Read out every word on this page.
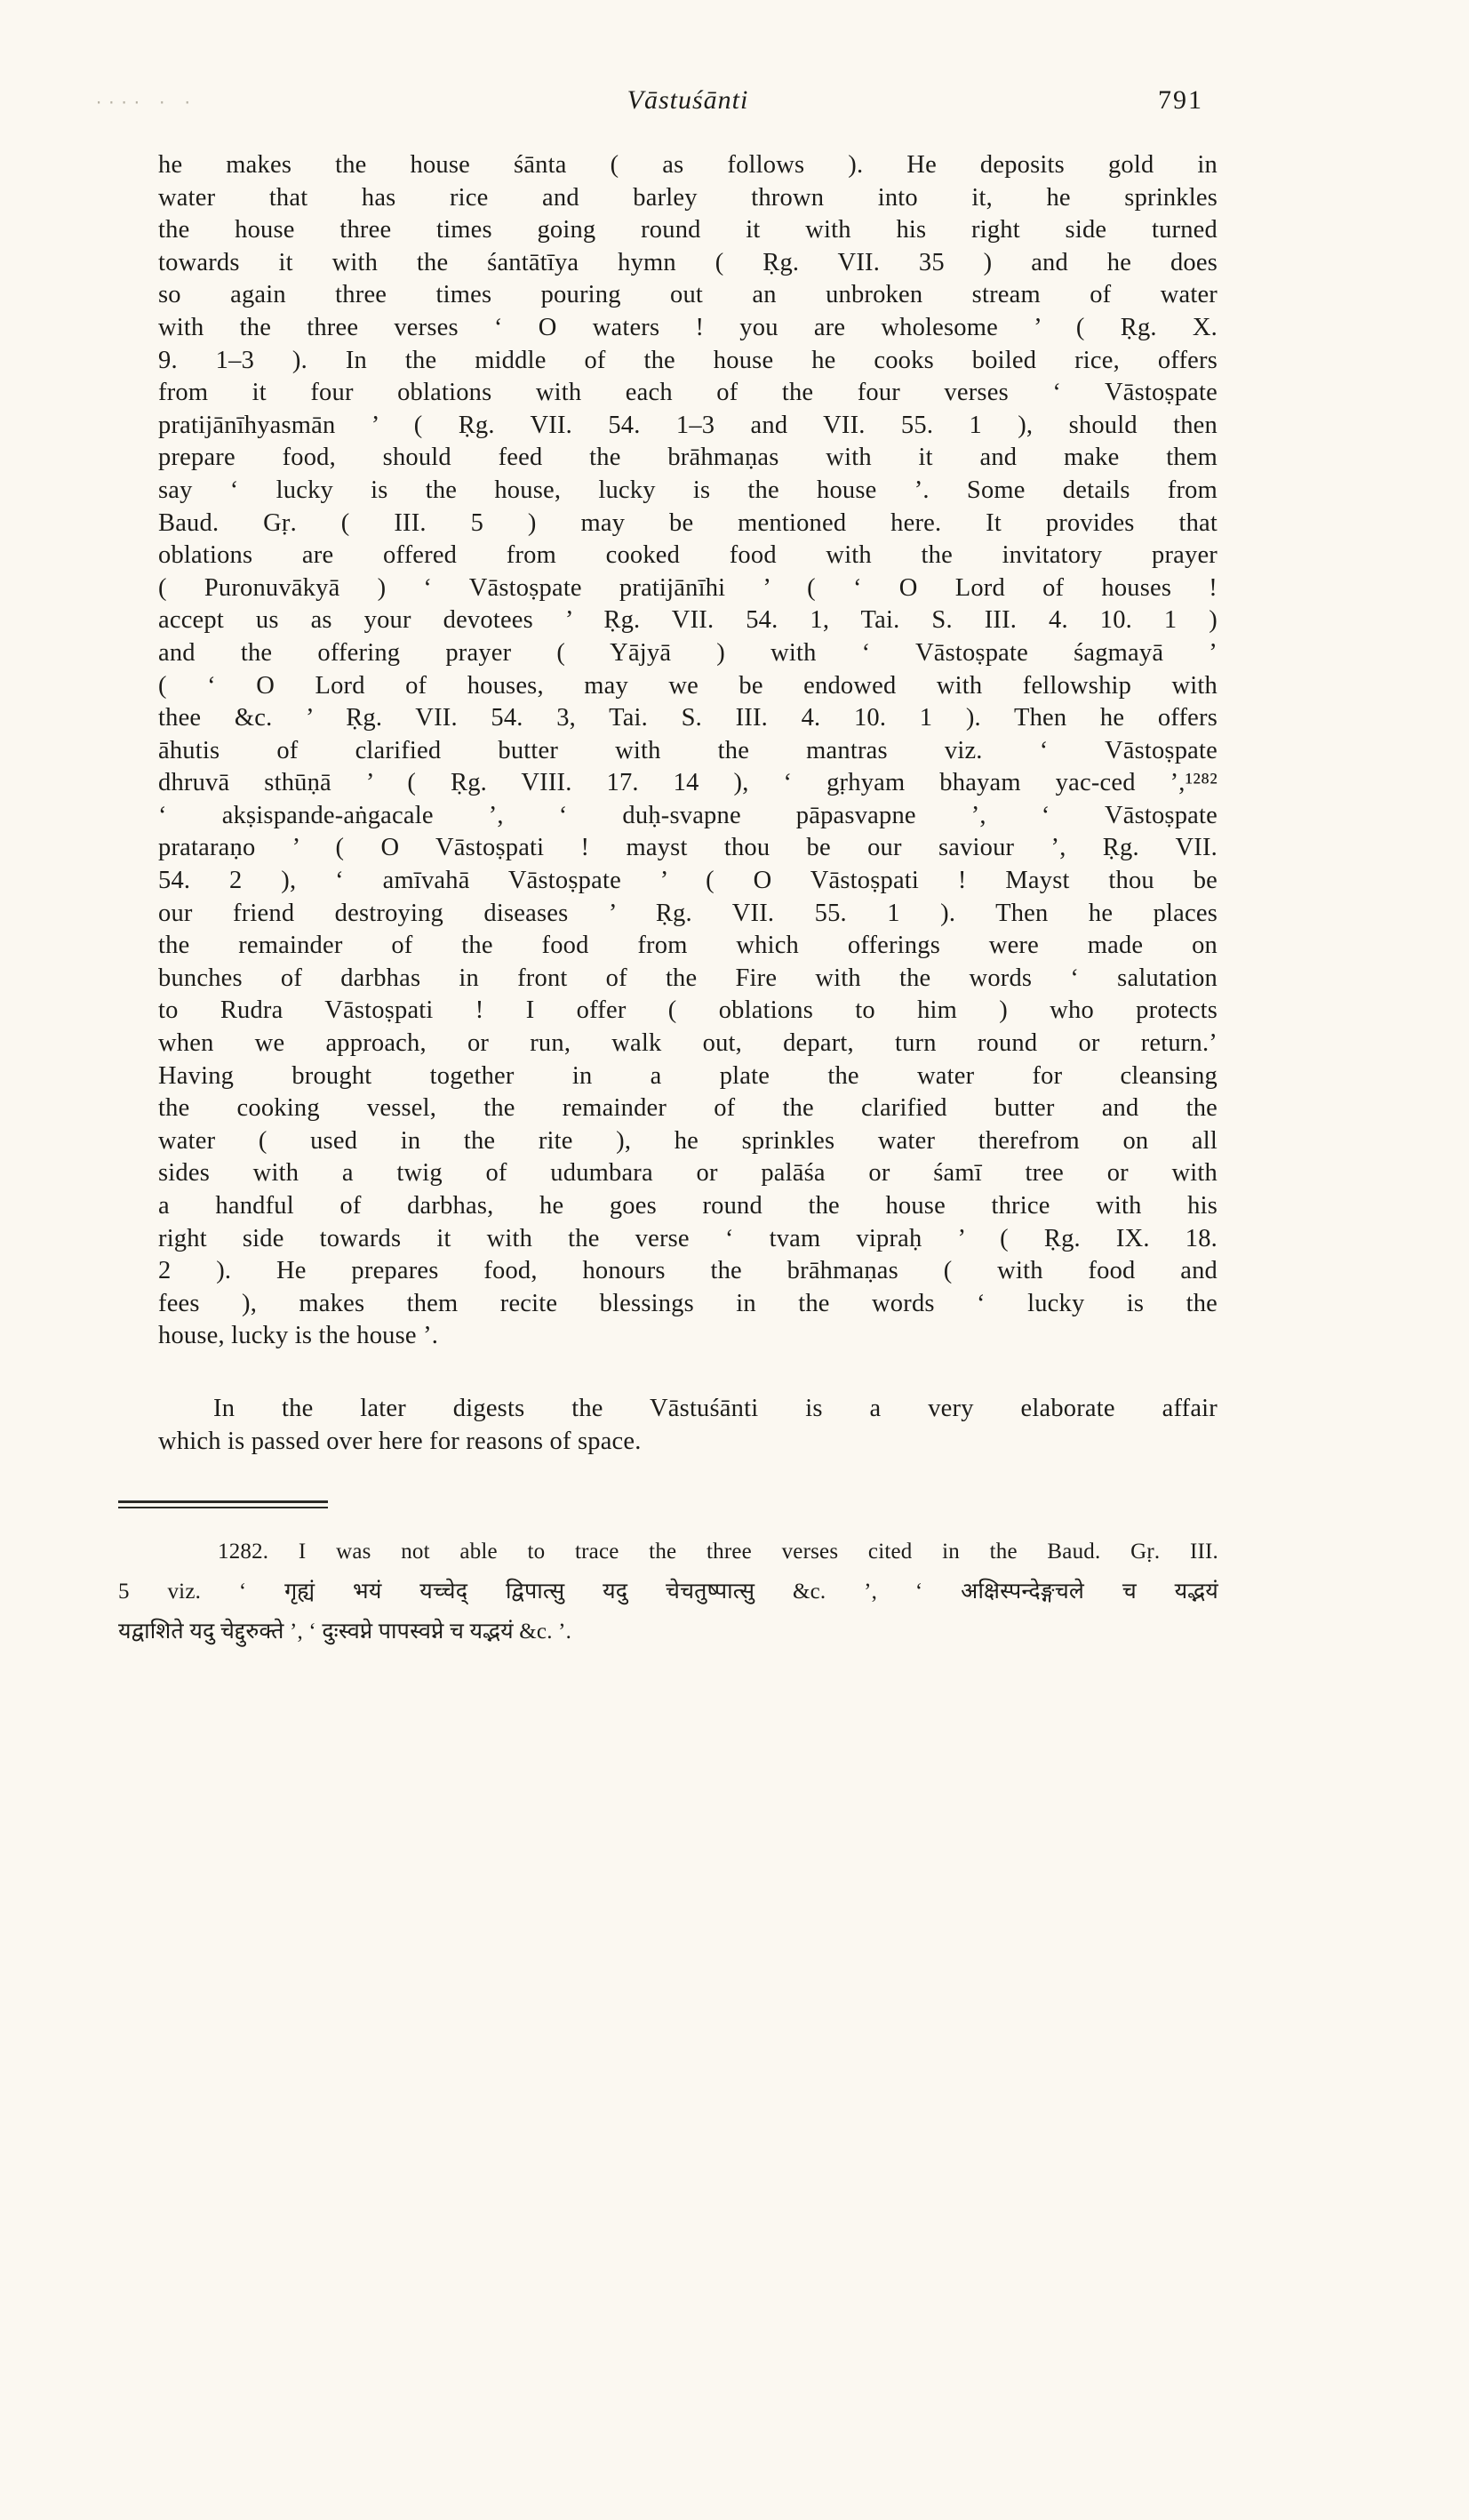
···· · ·	Vāstuśānti	791
he makes the house śānta ( as follows ). He deposits gold in
water that has rice and barley thrown into it, he sprinkles
the house three times going round it with his right side turned
towards it with the śantātīya hymn ( Ṛg. VII. 35 ) and he does
so again three times pouring out an unbroken stream of water
with the three verses ‘ O waters ! you are wholesome ’ ( Ṛg. X.
9. 1–3 ). In the middle of the house he cooks boiled rice, offers
from it four oblations with each of the four verses ‘ Vāstoṣpate
pratijānīhyasmān ’ ( Ṛg. VII. 54. 1–3 and VII. 55. 1 ), should then
prepare food, should feed the brāhmaṇas with it and make them
say ‘ lucky is the house, lucky is the house ’. Some details from
Baud. Gṛ. ( III. 5 ) may be mentioned here. It provides that
oblations are offered from cooked food with the invitatory prayer
( Puronuvākyā ) ‘ Vāstoṣpate pratijānīhi ’ ( ‘ O Lord of houses !
accept us as your devotees ’ Ṛg. VII. 54. 1, Tai. S. III. 4. 10. 1 )
and the offering prayer ( Yājyā ) with ‘ Vāstoṣpate śagmayā ’
( ‘ O Lord of houses, may we be endowed with fellowship with
thee &c. ’ Ṛg. VII. 54. 3, Tai. S. III. 4. 10. 1 ). Then he offers
āhutis of clarified butter with the mantras viz. ‘ Vāstoṣpate
dhruvā sthūṇā ’ ( Ṛg. VIII. 17. 14 ), ‘ gṛhyam bhayam yac-ced ’,¹²⁸²
‘ akṣispande-aṅgacale ’, ‘ duḥ-svapne pāpasvapne ’, ‘ Vāstoṣpate
prataraṇo ’ ( O Vāstoṣpati ! mayst thou be our saviour ’, Ṛg. VII.
54. 2 ), ‘ amīvahā Vāstoṣpate ’ ( O Vāstoṣpati ! Mayst thou be
our friend destroying diseases ’ Ṛg. VII. 55. 1 ). Then he places
the remainder of the food from which offerings were made on
bunches of darbhas in front of the Fire with the words ‘ salutation
to Rudra Vāstoṣpati ! I offer ( oblations to him ) who protects
when we approach, or run, walk out, depart, turn round or return.’
Having brought together in a plate the water for cleansing
the cooking vessel, the remainder of the clarified butter and the
water ( used in the rite ), he sprinkles water therefrom on all
sides with a twig of udumbara or palāśa or śamī tree or with
a handful of darbhas, he goes round the house thrice with his
right side towards it with the verse ‘ tvam vipraḥ ’ ( Ṛg. IX. 18.
2 ). He prepares food, honours the brāhmaṇas ( with food and
fees ), makes them recite blessings in the words ‘ lucky is the
house, lucky is the house ’.
In the later digests the Vāstuśānti is a very elaborate affair
which is passed over here for reasons of space.
1282. I was not able to trace the three verses cited in the Baud. Gṛ. III.
5 viz. ‘ गृह्यं भयं यच्चेद् द्विपात्सु यदु चेचतुष्पात्सु &c. ’, ‘ अक्षिस्पन्देङ्गचले च यद्भयं
यद्वाशिते यदु चेद्दुरुक्ते ’, ‘ दुःस्वप्ने पापस्वप्ने च यद्भयं &c. ’.
